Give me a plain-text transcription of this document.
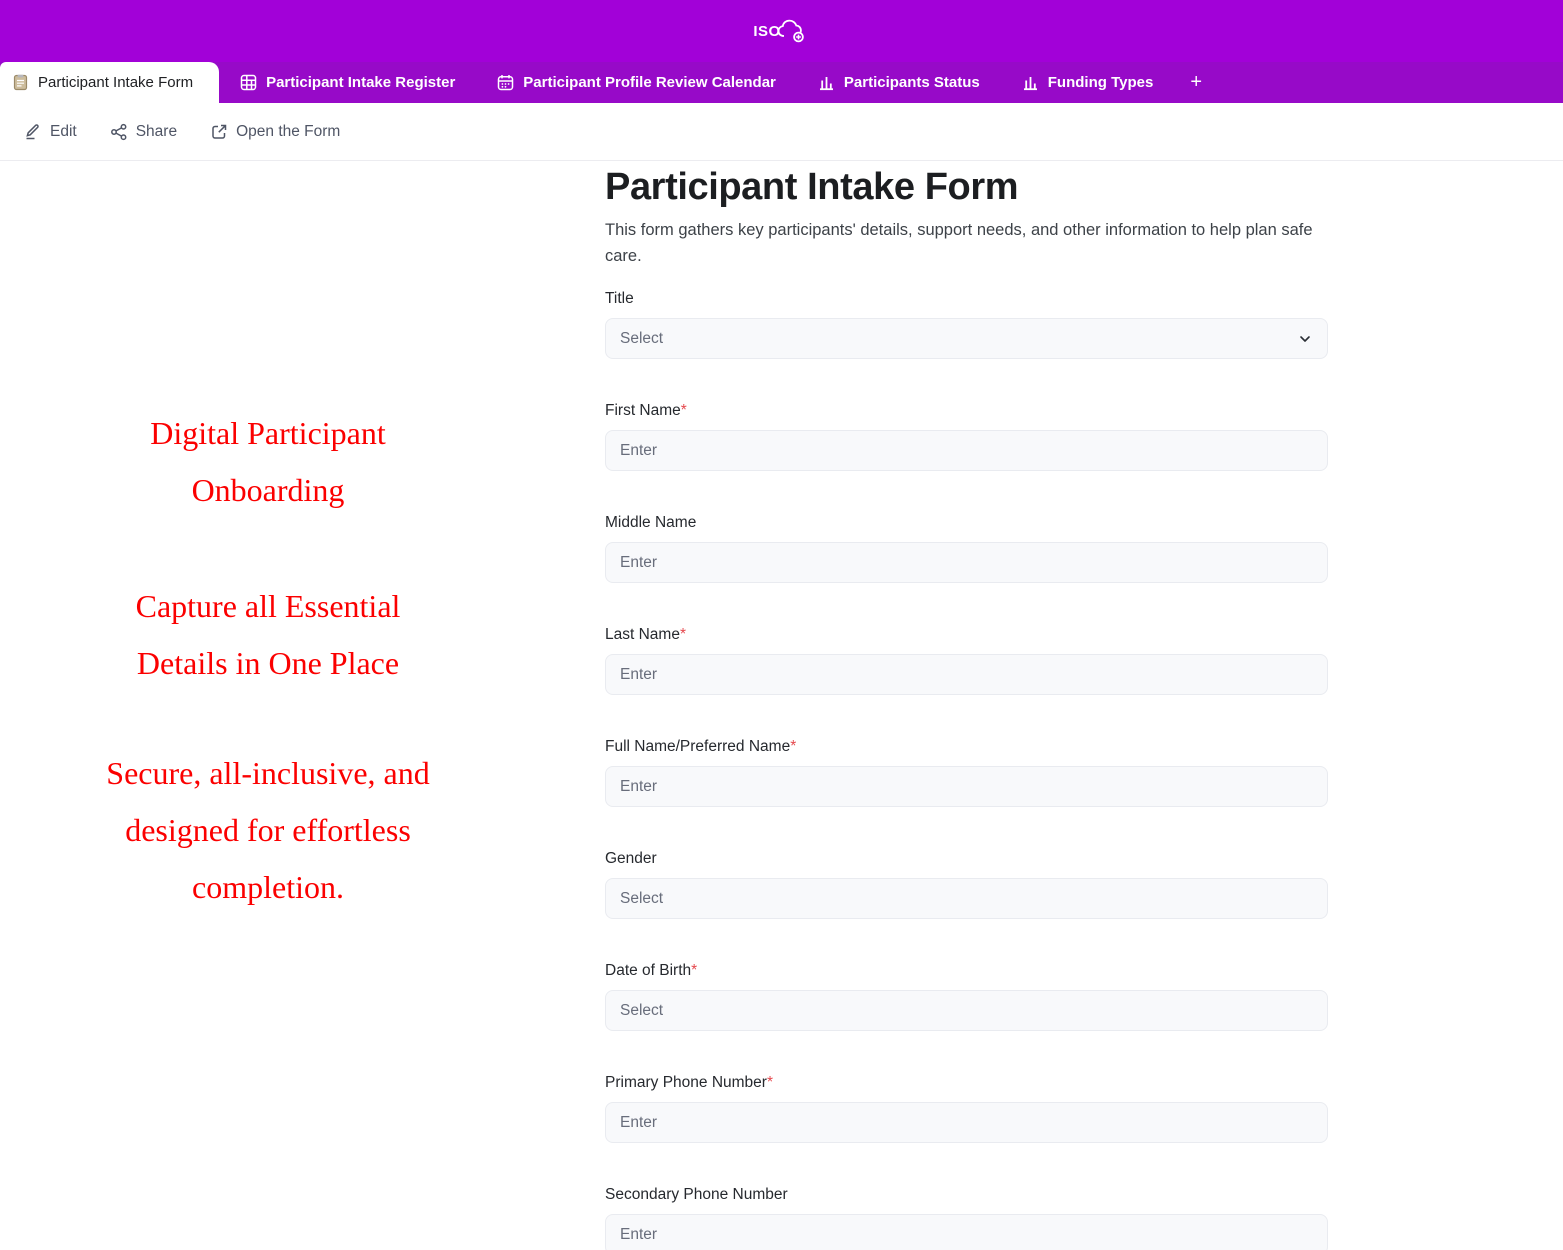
ISO
Participant Intake Form	Participant Intake Register	Participant Profile Review Calendar	Participants Status	Funding Types +
Edit	Share	Open the Form
Digital Participant
Onboarding
Capture all Essential
Details in One Place
Secure, all-inclusive, and
designed for effortless
completion.
Participant Intake Form

This form gathers key participants' details, support needs, and other information to help plan safe care.

Title
Select
First Name*
Enter
Middle Name
Enter
Last Name*
Enter
Full Name/Preferred Name*
Enter
Gender
Select
Date of Birth*
Select
Primary Phone Number*
Enter
Secondary Phone Number
Enter
